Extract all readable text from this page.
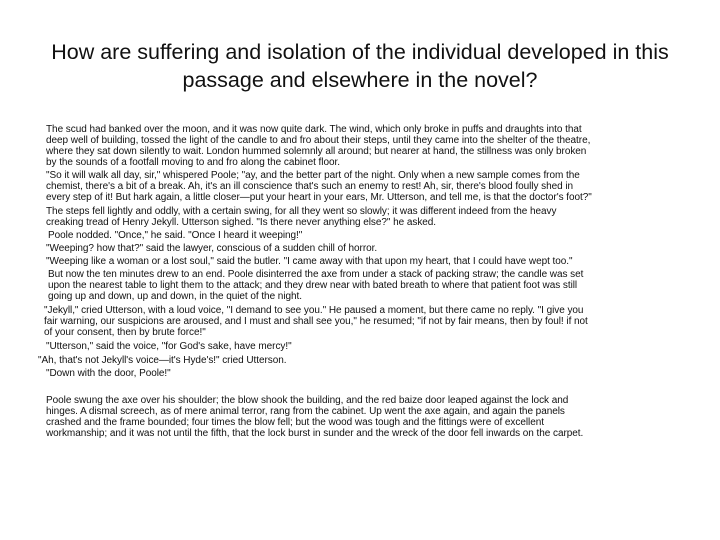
How are suffering and isolation of the individual developed in this passage and elsewhere in the novel?
The scud had banked over the moon, and it was now quite dark. The wind, which only broke in puffs and draughts into that
deep well of building, tossed the light of the candle to and fro about their steps, until they came into the shelter of the theatre,
where they sat down silently to wait. London hummed solemnly all around; but nearer at hand, the stillness was only broken
by the sounds of a footfall moving to and fro along the cabinet floor.
"So it will walk all day, sir," whispered Poole; "ay, and the better part of the night. Only when a new sample comes from the
chemist, there's a bit of a break. Ah, it's an ill conscience that's such an enemy to rest! Ah, sir, there's blood foully shed in
every step of it! But hark again, a little closer—put your heart in your ears, Mr. Utterson, and tell me, is that the doctor's foot?"
The steps fell lightly and oddly, with a certain swing, for all they went so slowly; it was different indeed from the heavy
creaking tread of Henry Jekyll. Utterson sighed. "Is there never anything else?" he asked.
Poole nodded. "Once," he said. "Once I heard it weeping!"
"Weeping? how that?" said the lawyer, conscious of a sudden chill of horror.
"Weeping like a woman or a lost soul," said the butler. "I came away with that upon my heart, that I could have wept too."
But now the ten minutes drew to an end. Poole disinterred the axe from under a stack of packing straw; the candle was set
upon the nearest table to light them to the attack; and they drew near with bated breath to where that patient foot was still
going up and down, up and down, in the quiet of the night.
"Jekyll," cried Utterson, with a loud voice, "I demand to see you." He paused a moment, but there came no reply. "I give you
fair warning, our suspicions are aroused, and I must and shall see you," he resumed; "if not by fair means, then by foul! if not
of your consent, then by brute force!"
"Utterson," said the voice, "for God's sake, have mercy!"
"Ah, that's not Jekyll's voice—it's Hyde's!" cried Utterson.
"Down with the door, Poole!"
Poole swung the axe over his shoulder; the blow shook the building, and the red baize door leaped against the lock and
hinges. A dismal screech, as of mere animal terror, rang from the cabinet. Up went the axe again, and again the panels
crashed and the frame bounded; four times the blow fell; but the wood was tough and the fittings were of excellent
workmanship; and it was not until the fifth, that the lock burst in sunder and the wreck of the door fell inwards on the carpet.
